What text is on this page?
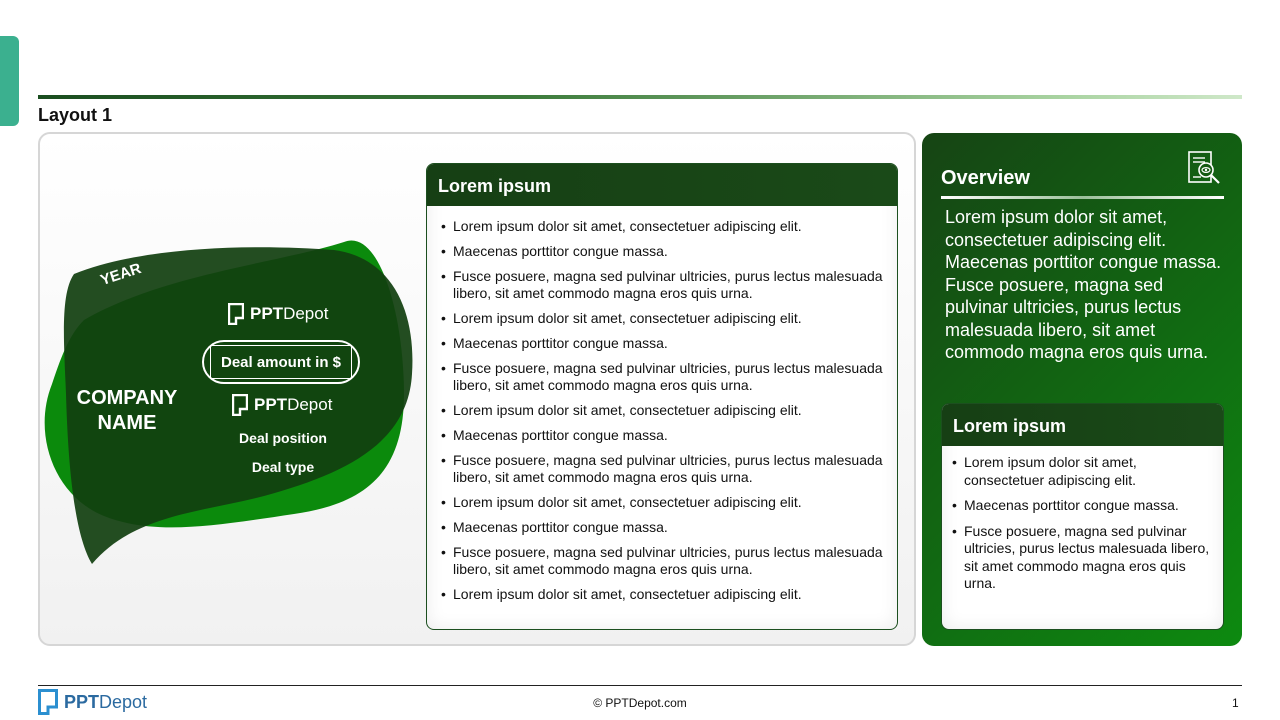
Layout 1
YEAR
PPT Depot
Deal amount in $
PPT Depot
COMPANY NAME
Deal position
Deal type
Lorem ipsum
• Lorem ipsum dolor sit amet, consectetuer adipiscing elit.
• Maecenas porttitor congue massa.
• Fusce posuere, magna sed pulvinar ultricies, purus lectus malesuada libero, sit amet commodo magna eros quis urna.
• Lorem ipsum dolor sit amet, consectetuer adipiscing elit.
• Maecenas porttitor congue massa.
• Fusce posuere, magna sed pulvinar ultricies, purus lectus malesuada libero, sit amet commodo magna eros quis urna.
• Lorem ipsum dolor sit amet, consectetuer adipiscing elit.
• Maecenas porttitor congue massa.
• Fusce posuere, magna sed pulvinar ultricies, purus lectus malesuada libero, sit amet commodo magna eros quis urna.
• Lorem ipsum dolor sit amet, consectetuer adipiscing elit.
• Maecenas porttitor congue massa.
• Fusce posuere, magna sed pulvinar ultricies, purus lectus malesuada libero, sit amet commodo magna eros quis urna.
• Lorem ipsum dolor sit amet, consectetuer adipiscing elit.
Overview
Lorem ipsum dolor sit amet, consectetuer adipiscing elit. Maecenas porttitor congue massa. Fusce posuere, magna sed pulvinar ultricies, purus lectus malesuada libero, sit amet commodo magna eros quis urna.
Lorem ipsum
• Lorem ipsum dolor sit amet, consectetuer adipiscing elit.
• Maecenas porttitor congue massa.
• Fusce posuere, magna sed pulvinar ultricies, purus lectus malesuada libero, sit amet commodo magna eros quis urna.
PPT Depot	© PPTDepot.com	1
